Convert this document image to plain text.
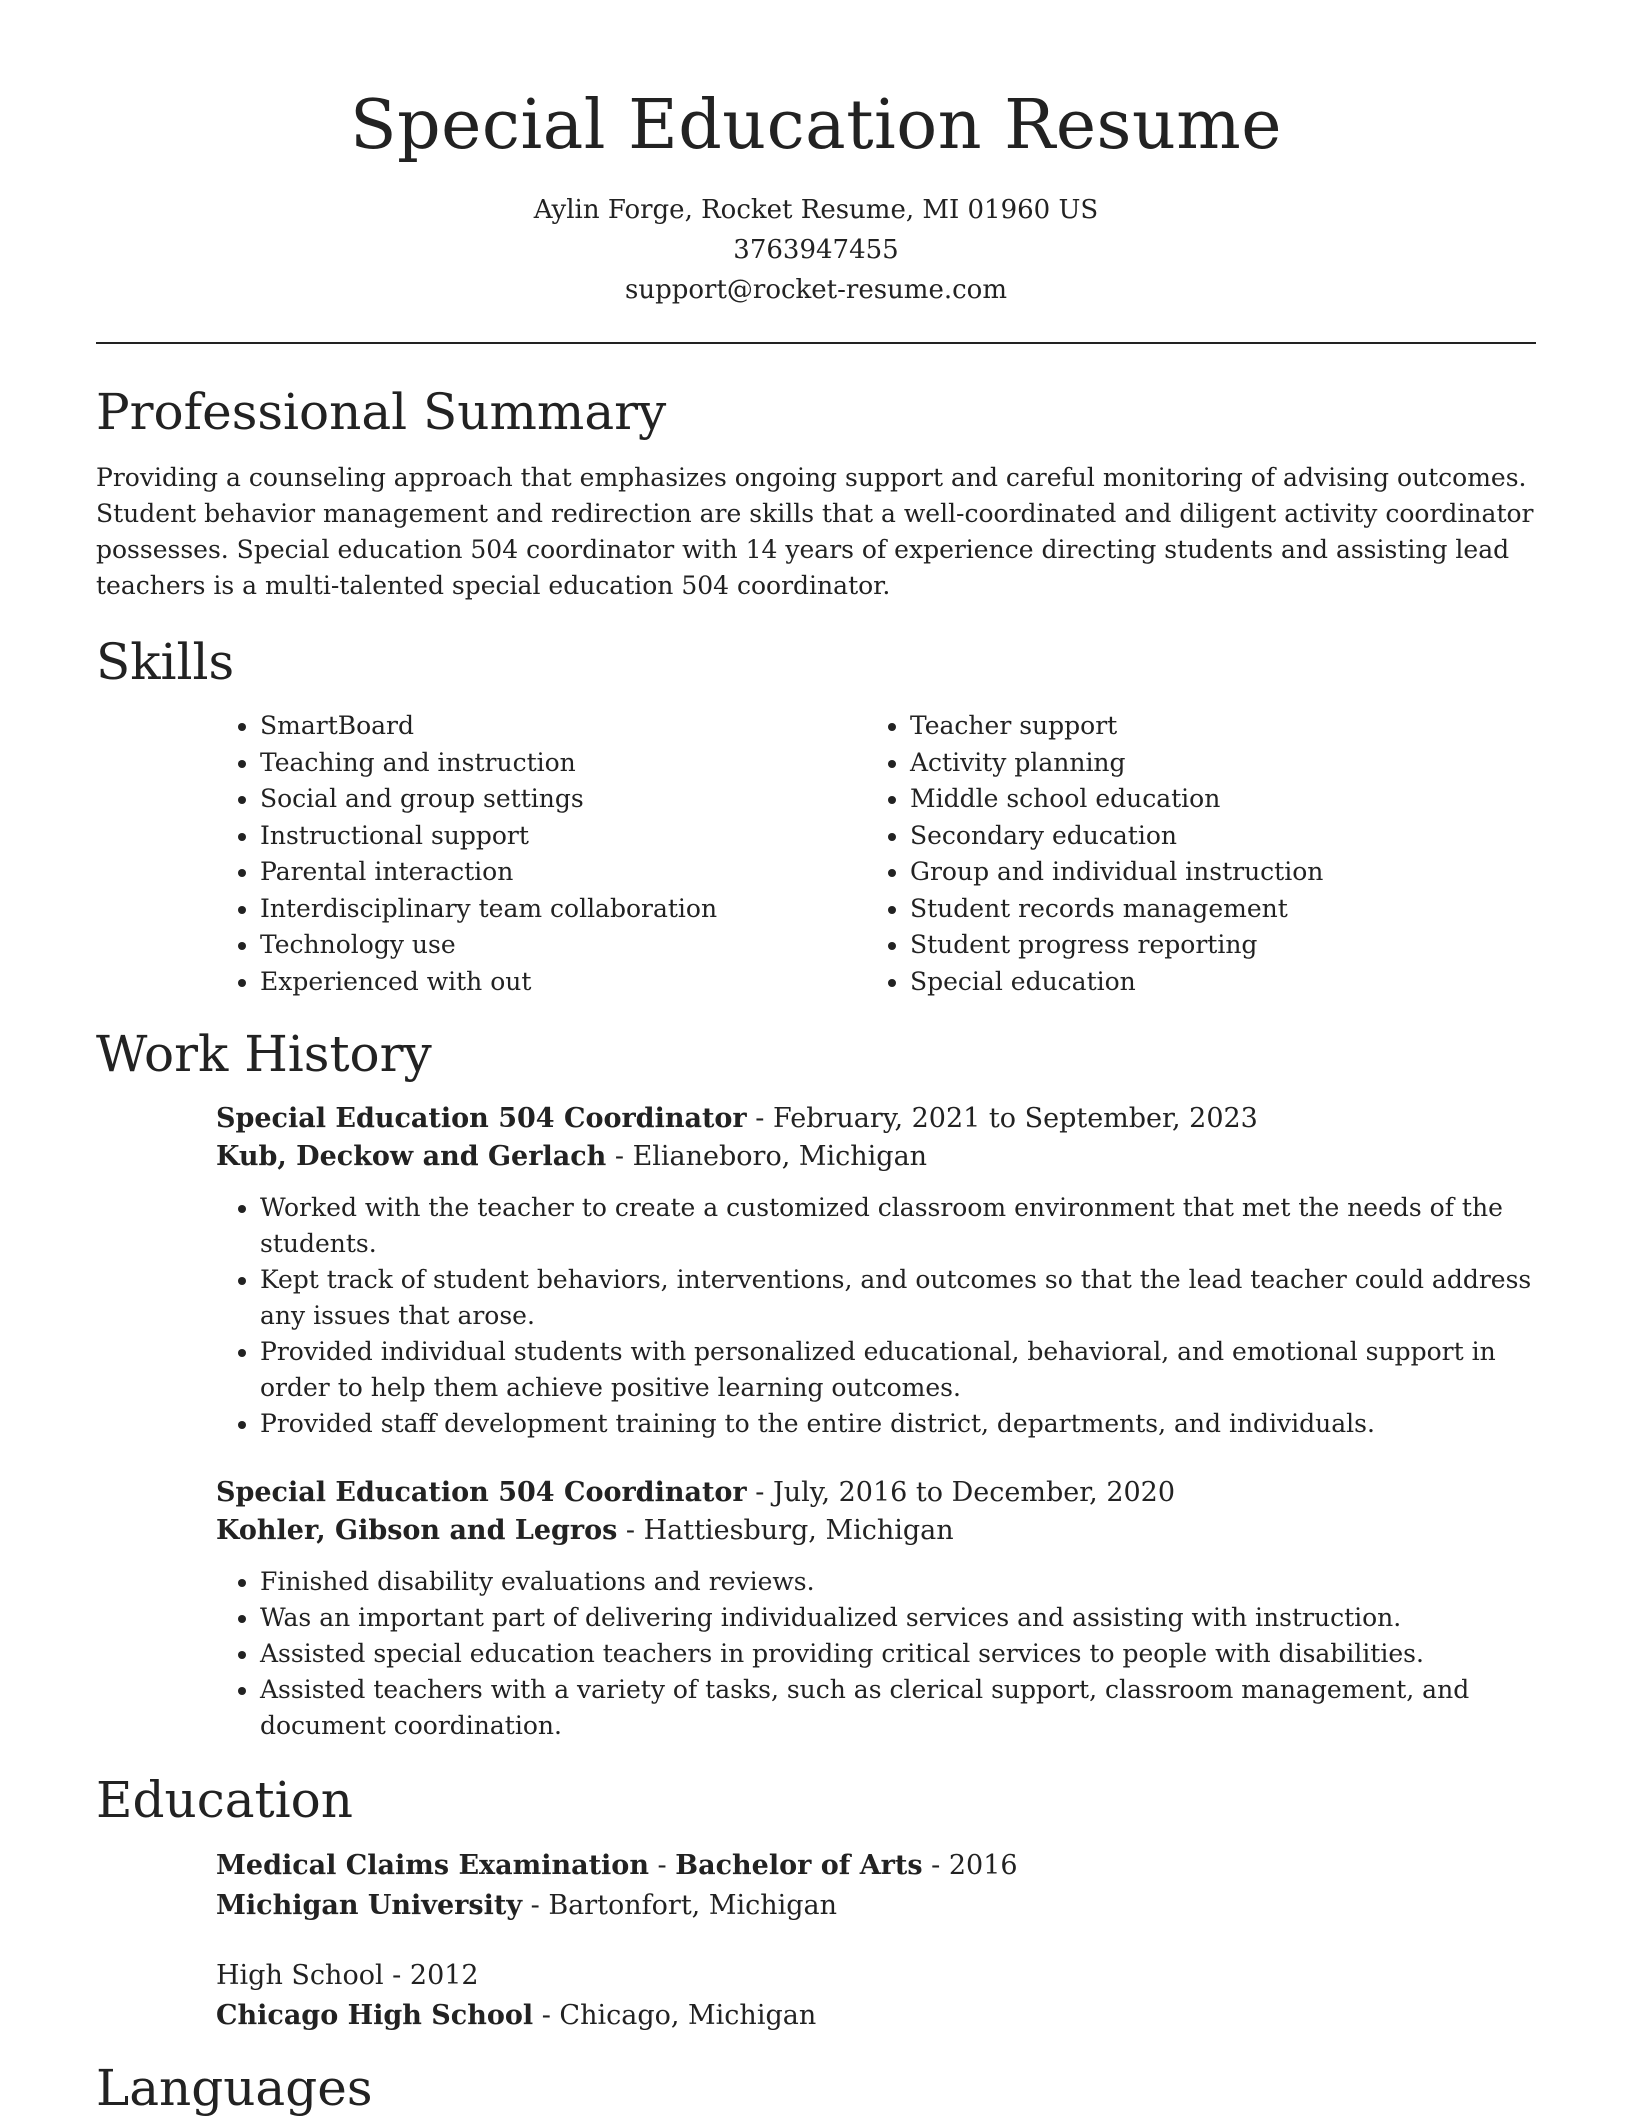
Special Education Resume
Aylin Forge, Rocket Resume, MI 01960 US
3763947455
support@rocket-resume.com
Professional Summary

Providing a counseling approach that emphasizes ongoing support and careful monitoring of advising outcomes. Student behavior management and redirection are skills that a well-coordinated and diligent activity coordinator possesses. Special education 504 coordinator with 14 years of experience directing students and assisting lead teachers is a multi-talented special education 504 coordinator.

Skills
• SmartBoard
• Teaching and instruction
• Social and group settings
• Instructional support
• Parental interaction
• Interdisciplinary team collaboration
• Technology use
• Experienced with out
• Teacher support
• Activity planning
• Middle school education
• Secondary education
• Group and individual instruction
• Student records management
• Student progress reporting
• Special education
Work History
Special Education 504 Coordinator - February, 2021 to September, 2023
Kub, Deckow and Gerlach - Elianeboro, Michigan
• Worked with the teacher to create a customized classroom environment that met the needs of the students.
• Kept track of student behaviors, interventions, and outcomes so that the lead teacher could address any issues that arose.
• Provided individual students with personalized educational, behavioral, and emotional support in order to help them achieve positive learning outcomes.
• Provided staff development training to the entire district, departments, and individuals.
Special Education 504 Coordinator - July, 2016 to December, 2020
Kohler, Gibson and Legros - Hattiesburg, Michigan
• Finished disability evaluations and reviews.
• Was an important part of delivering individualized services and assisting with instruction.
• Assisted special education teachers in providing critical services to people with disabilities.
• Assisted teachers with a variety of tasks, such as clerical support, classroom management, and document coordination.
Education
Medical Claims Examination - Bachelor of Arts - 2016
Michigan University - Bartonfort, Michigan
High School - 2012
Chicago High School - Chicago, Michigan
Languages
